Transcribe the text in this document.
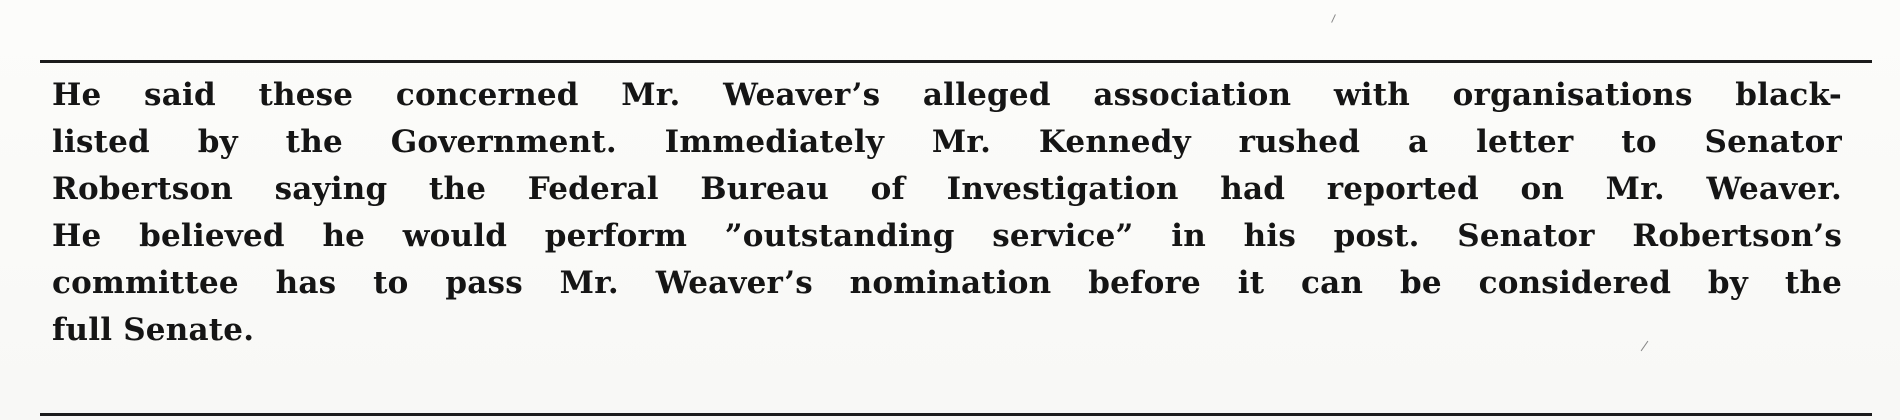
He said these concerned Mr. Weaver’s alleged association with organisations black-
listed by the Government. Immediately Mr. Kennedy rushed a letter to Senator
Robertson saying the Federal Bureau of Investigation had reported on Mr. Weaver.
He believed he would perform ”outstanding service” in his post. Senator Robertson’s
committee has to pass Mr. Weaver’s nomination before it can be considered by the
full Senate.
